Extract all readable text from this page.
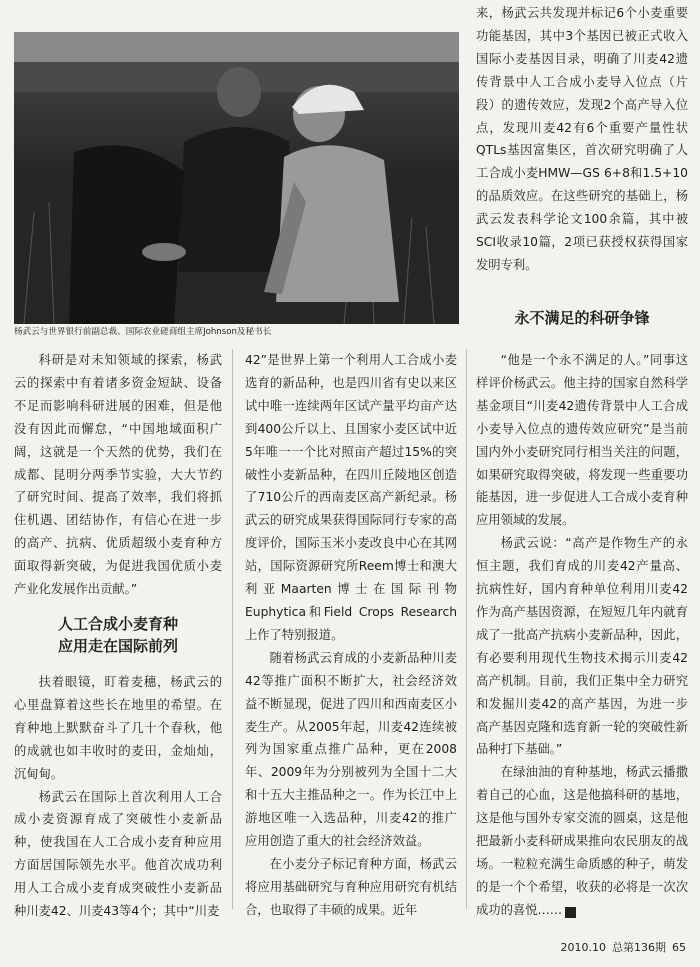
杨武云与世界银行前副总裁、国际农业磋商组主席Johnson及秘书长

来，杨武云共发现并标记6个小麦重要功能基因，其中3个基因已被正式收入国际小麦基因目录，明确了川麦42遗传背景中人工合成小麦导入位点（片段）的遗传效应，发现2个高产导入位点，发现川麦42有6个重要产量性状QTLs基因富集区，首次研究明确了人工合成小麦HMW—GS 6+8和1.5+10的品质效应。在这些研究的基础上，杨武云发表科学论文100余篇，其中被SCI收录10篇，2项已获授权获得国家发明专利。

永不满足的科研争锋

科研是对未知领域的探索，杨武云的探索中有着诸多资金短缺、设备不足而影响科研进展的困难，但是他没有因此而懈怠，“中国地域面积广阔，这就是一个天然的优势，我们在成都、昆明分两季节实验，大大节约了研究时间、提高了效率，我们将抓住机遇、团结协作，有信心在进一步的高产、抗病、优质超级小麦育种方面取得新突破，为促进我国优质小麦产业化发展作出贡献。”

人工合成小麦育种
应用走在国际前列

扶着眼镜，盯着麦穗，杨武云的心里盘算着这些长在地里的希望。在育种地上默默奋斗了几十个春秋，他的成就也如丰收时的麦田，金灿灿，沉甸甸。

杨武云在国际上首次利用人工合成小麦资源育成了突破性小麦新品种，使我国在人工合成小麦育种应用方面居国际领先水平。他首次成功利用人工合成小麦育成突破性小麦新品种川麦42、川麦43等4个；其中“川麦

42”是世界上第一个利用人工合成小麦选育的新品种，也是四川省有史以来区试中唯一连续两年区试产量平均亩产达到400公斤以上、且国家小麦区试中近5年唯一一个比对照亩产超过15%的突破性小麦新品种，在四川丘陵地区创造了710公斤的西南麦区高产新纪录。杨武云的研究成果获得国际同行专家的高度评价，国际玉米小麦改良中心在其网站，国际资源研究所Reem博士和澳大利亚Maarten博士在国际刊物Euphytica和Field Crops Research上作了特别报道。

随着杨武云育成的小麦新品种川麦42等推广面积不断扩大，社会经济效益不断显现，促进了四川和西南麦区小麦生产。从2005年起，川麦42连续被列为国家重点推广品种，更在2008年、2009年为分别被列为全国十二大和十五大主推品种之一。作为长江中上游地区唯一入选品种，川麦42的推广应用创造了重大的社会经济效益。

在小麦分子标记育种方面，杨武云将应用基础研究与育种应用研究有机结合，也取得了丰硕的成果。近年

“他是一个永不满足的人。”同事这样评价杨武云。他主持的国家自然科学基金项目“川麦42遗传背景中人工合成小麦导入位点的遗传效应研究”是当前国内外小麦研究同行相当关注的问题，如果研究取得突破，将发现一些重要功能基因，进一步促进人工合成小麦育种应用领域的发展。

杨武云说：“高产是作物生产的永恒主题，我们育成的川麦42产量高、抗病性好，国内育种单位利用川麦42作为高产基因资源，在短短几年内就育成了一批高产抗病小麦新品种，因此，有必要利用现代生物技术揭示川麦42高产机制。目前，我们正集中全力研究和发掘川麦42的高产基因，为进一步高产基因克隆和选育新一轮的突破性新品种打下基础。”

在绿油油的育种基地，杨武云播撒着自己的心血，这是他搞科研的基地，这是他与国外专家交流的圆桌，这是他把最新小麦科研成果推向农民朋友的战场。一粒粒充满生命质感的种子，萌发的是一个个希望，收获的必将是一次次成功的喜悦……	终

2010.10 总第136期 65
